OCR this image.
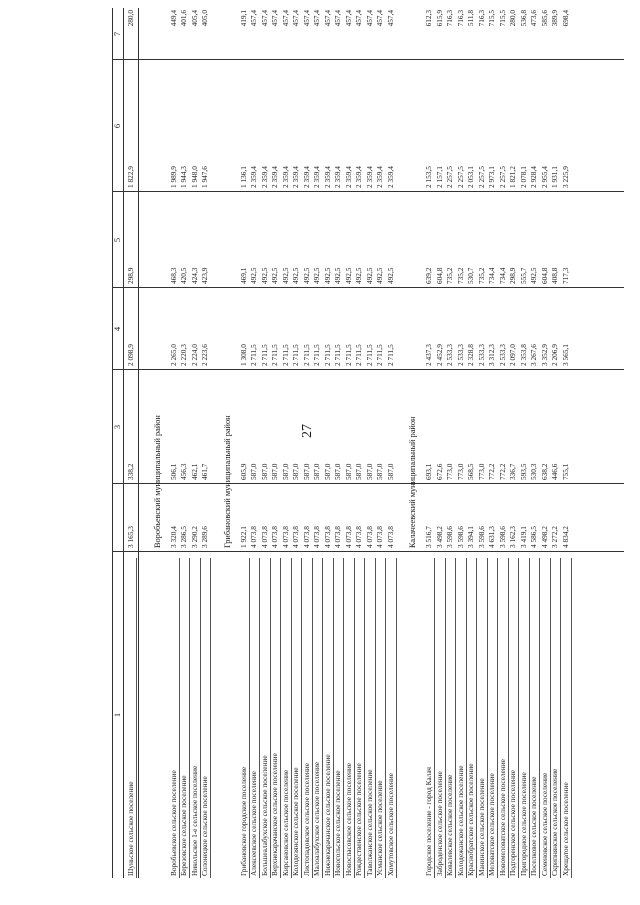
27
1
3
4
5
6
7
Шуньское сельское поселение
3 165,3
338,2
2 098,9
298,9
1 822,9
280,0
Воробьевский муниципальный район
Воробьевское сельское поселение
3 320,4
506,1
2 265,0
468,3
1 989,9
449,4
Березовское сельское поселение
3 286,5
456,3
2 220,3
420,5
1 944,3
401,6
Никольское 1-е сельское поселение
3 290,2
462,1
2 224,0
424,3
1 948,0
405,4
Солонецкое сельское поселение
3 289,6
461,7
2 223,6
423,9
1 947,6
405,0
Грибановский муниципальный район
Грибановское городское поселение
1 922,1
605,9
1 308,0
469,1
1 136,1
419,1
Алексеевское сельское поселение
4 073,8
587,0
2 711,5
492,5
2 359,4
457,4
Большеалабухское сельское поселение
4 073,8
587,0
2 711,5
492,5
2 359,4
457,4
Верхнекарачанское сельское поселение
4 073,8
587,0
2 711,5
492,5
2 359,4
457,4
Кирсановское сельское поселение
4 073,8
587,0
2 711,5
492,5
2 359,4
457,4
Колодезянское сельское поселение
4 073,8
587,0
2 711,5
492,5
2 359,4
457,4
Листопадовское сельское поселение
4 073,8
587,0
2 711,5
492,5
2 359,4
457,4
Малоалабухское сельское поселение
4 073,8
587,0
2 711,5
492,5
2 359,4
457,4
Нижнекарачанское сельское поселение
4 073,8
587,0
2 711,5
492,5
2 359,4
457,4
Новогольское сельское поселение
4 073,8
587,0
2 711,5
492,5
2 359,4
457,4
Новоспасовское сельское поселение
4 073,8
587,0
2 711,5
492,5
2 359,4
457,4
Рождественское сельское поселение
4 073,8
587,0
2 711,5
492,5
2 359,4
457,4
Таволжанское сельское поселение
4 073,8
587,0
2 711,5
492,5
2 359,4
457,4
Усманское сельское поселение
4 073,8
587,0
2 711,5
492,5
2 359,4
457,4
Хомутовское сельское поселение
4 073,8
587,0
2 711,5
492,5
2 359,4
457,4
Калачеевский муниципальный район
Городское поселение - город Калач
3 516,7
693,1
2 437,3
639,2
2 153,5
612,3
Заброденское сельское поселение
3 498,2
672,6
2 452,9
604,8
2 157,1
615,9
Ковалевское сельское поселение
3 598,6
773,0
2 533,3
735,2
2 257,5
716,3
Колодежанское сельское поселение
3 598,6
773,0
2 533,3
735,2
2 257,5
716,3
Краснобратское сельское поселение
3 394,1
568,5
2 328,8
530,7
2 053,1
511,8
Манинское сельское поселение
3 598,6
773,0
2 533,3
735,2
2 257,5
716,3
Меловатское сельское поселение
4 631,3
772,2
3 312,3
734,4
2 973,1
715,5
Новомеловатское сельское поселение
3 598,6
772,2
2 533,3
734,4
2 257,5
715,5
Подгоренское сельское поселение
3 162,3
336,7
2 097,0
298,9
1 821,2
280,0
Пригородное сельское поселение
3 419,1
593,5
2 353,8
555,7
2 078,1
536,8
Поселковое сельское поселение
4 586,5
530,3
3 267,6
492,5
2 928,4
473,6
Семеновское сельское поселение
4 498,2
638,2
3 352,9
604,8
2 955,4
585,6
Скрипнянское сельское поселение
3 272,2
446,6
2 206,9
408,8
1 931,1
389,9
Хрещатое сельское поселение
4 834,2
755,1
3 565,1
717,3
3 225,9
698,4
